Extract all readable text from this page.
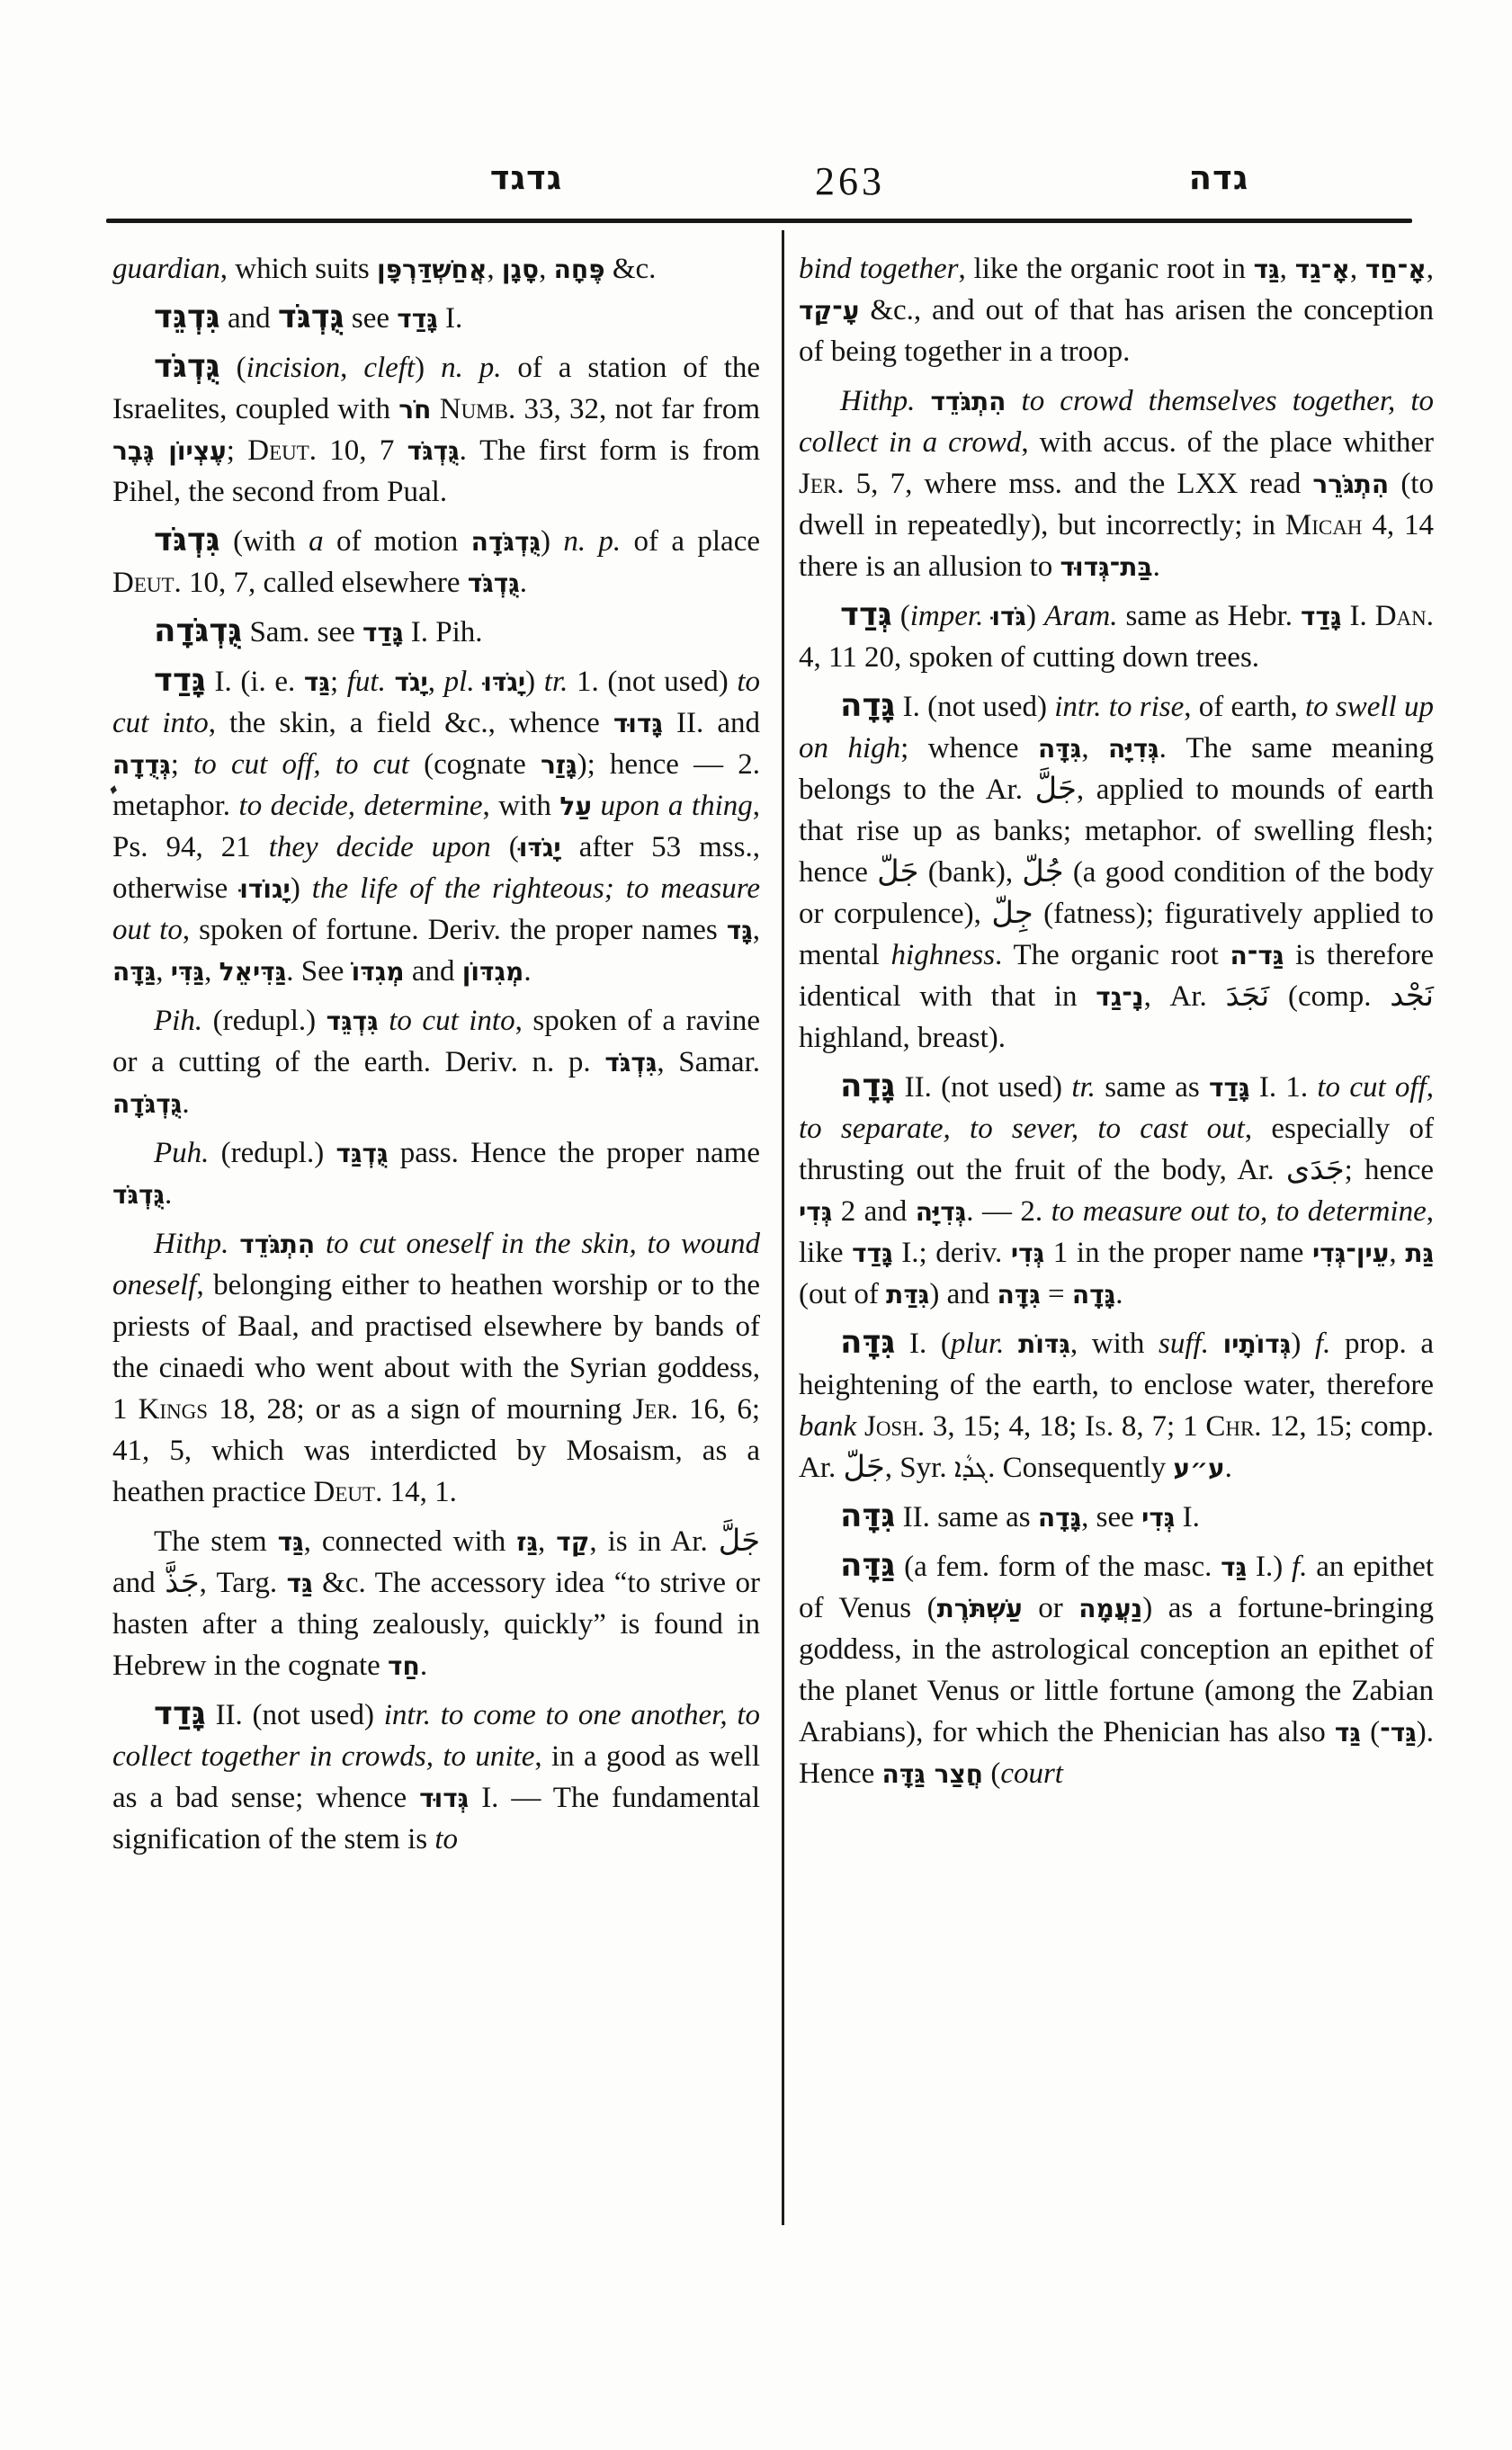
גדגד	263	גדה
♦

guardian, which suits אֲחַשְׁדַּרְפָּן, סָגָן, פֶּחָה &c.

גִּדְגֵּד and גֻּדְגֹּד see גָּדַד I.

גֻּדְגֹּד (incision, cleft) n. p. of a station of the Israelites, coupled with חֹר Numb. 33, 32, not far from עֶצְיוֹן גֶּבֶר; Deut. 10, 7 גֻּדְגֹּד. The first form is from Pihel, the second from Pual.

גִּדְגֹּד (with a of motion גֻּדְגֹּדָה) n. p. of a place Deut. 10, 7, called elsewhere גֻּדְגֹּד.

גֻּדְגֹּדָה Sam. see גָּדַד I. Pih.

גָּדַד I. (i. e. גַּד; fut. יָגֹד, pl. יָגֹדּוּ) tr. 1. (not used) to cut into, the skin, a field &c., whence גָּדוּד II. and גְּדֻדָה; to cut off, to cut (cognate גָּזַר); hence — 2. metaphor. to decide, determine, with עַל upon a thing, Ps. 94, 21 they decide upon (יָגֹדּוּ after 53 mss., otherwise יָגוֹדוּ) the life of the righteous; to measure out to, spoken of fortune. Deriv. the proper names גָּד, גַּדָּה, גַּדִּי, גַּדִּיאֵל. See מְגִדּוֹ and מְגִדּוֹן.

Pih. (redupl.) גִּדְגֵּד to cut into, spoken of a ravine or a cutting of the earth. Deriv. n. p. גִּדְגֹּד, Samar. גֻּדְגֹּדָה.

Puh. (redupl.) גֻּדְגַּד pass. Hence the proper name גֻּדְגֹּד.

Hithp. הִתְגֹּדֵד to cut oneself in the skin, to wound oneself, belonging either to heathen worship or to the priests of Baal, and practised elsewhere by bands of the cinaedi who went about with the Syrian goddess, 1 Kings 18, 28; or as a sign of mourning Jer. 16, 6; 41, 5, which was interdicted by Mosaism, as a heathen practice Deut. 14, 1.

The stem גַּד, connected with גַּז, קַד, is in Ar. جَلَّ and جَذَّ, Targ. גַּד &c. The accessory idea “to strive or hasten after a thing zealously, quickly” is found in Hebrew in the cognate חַד.

גָּדַד II. (not used) intr. to come to one another, to collect together in crowds, to unite, in a good as well as a bad sense; whence גְּדוּד I. — The fundamental signification of the stem is to

bind together, like the organic root in גַּד, אָ־גַד, אָ־חַד, עָ־קַד &c., and out of that has arisen the conception of being together in a troop.

Hithp. הִתְגֹּדֵד to crowd themselves together, to collect in a crowd, with accus. of the place whither Jer. 5, 7, where mss. and the LXX read הִתְגֹּרֵר (to dwell in repeatedly), but incorrectly; in Micah 4, 14 there is an allusion to בַּת־גְּדוּד.

גְּדַד (imper. גֹּדוּ) Aram. same as Hebr. גָּדַד I. Dan. 4, 11 20, spoken of cutting down trees.

גָּדָה I. (not used) intr. to rise, of earth, to swell up on high; whence גִּדָּה, גְּדִיָּה. The same meaning belongs to the Ar. جَلَّ, applied to mounds of earth that rise up as banks; metaphor. of swelling flesh; hence جَلّ (bank), جُلّ (a good condition of the body or corpulence), جِلّ (fatness); figuratively applied to mental highness. The organic root גַּד־ה is therefore identical with that in נָ־גַד, Ar. نَجَدَ (comp. نَجْد highland, breast).

גָּדָה II. (not used) tr. same as גָּדַד I. 1. to cut off, to separate, to sever, to cast out, especially of thrusting out the fruit of the body, Ar. جَدَى; hence גְּדִי 2 and גְּדִיָּה. — 2. to measure out to, to determine, like גָּדַד I.; deriv. גְּדִי 1 in the proper name עֵין־גְּדִי, גַּת (out of גִּדַּת) and גִּדָּה = גָּדָה.

גִּדָּה I. (plur. גִּדּוֹת, with suff. גְּדוֹתָיו) f. prop. a heightening of the earth, to enclose water, therefore bank Josh. 3, 15; 4, 18; Is. 8, 7; 1 Chr. 12, 15; comp. Ar. جَلّ, Syr. ܓܕܵܐ. Consequently ע״ע.

גִּדָּה II. same as גָּדָה, see גְּדִי I.

גַּדָּה (a fem. form of the masc. גַּד I.) f. an epithet of Venus (עַשְׁתֹּרֶת or נַעֲמָה) as a fortune-bringing goddess, in the astrological conception an epithet of the planet Venus or little fortune (among the Zabian Arabians), for which the Phenician has also גַּד (גַּד־). Hence חֲצַר גַּדָּה (court
